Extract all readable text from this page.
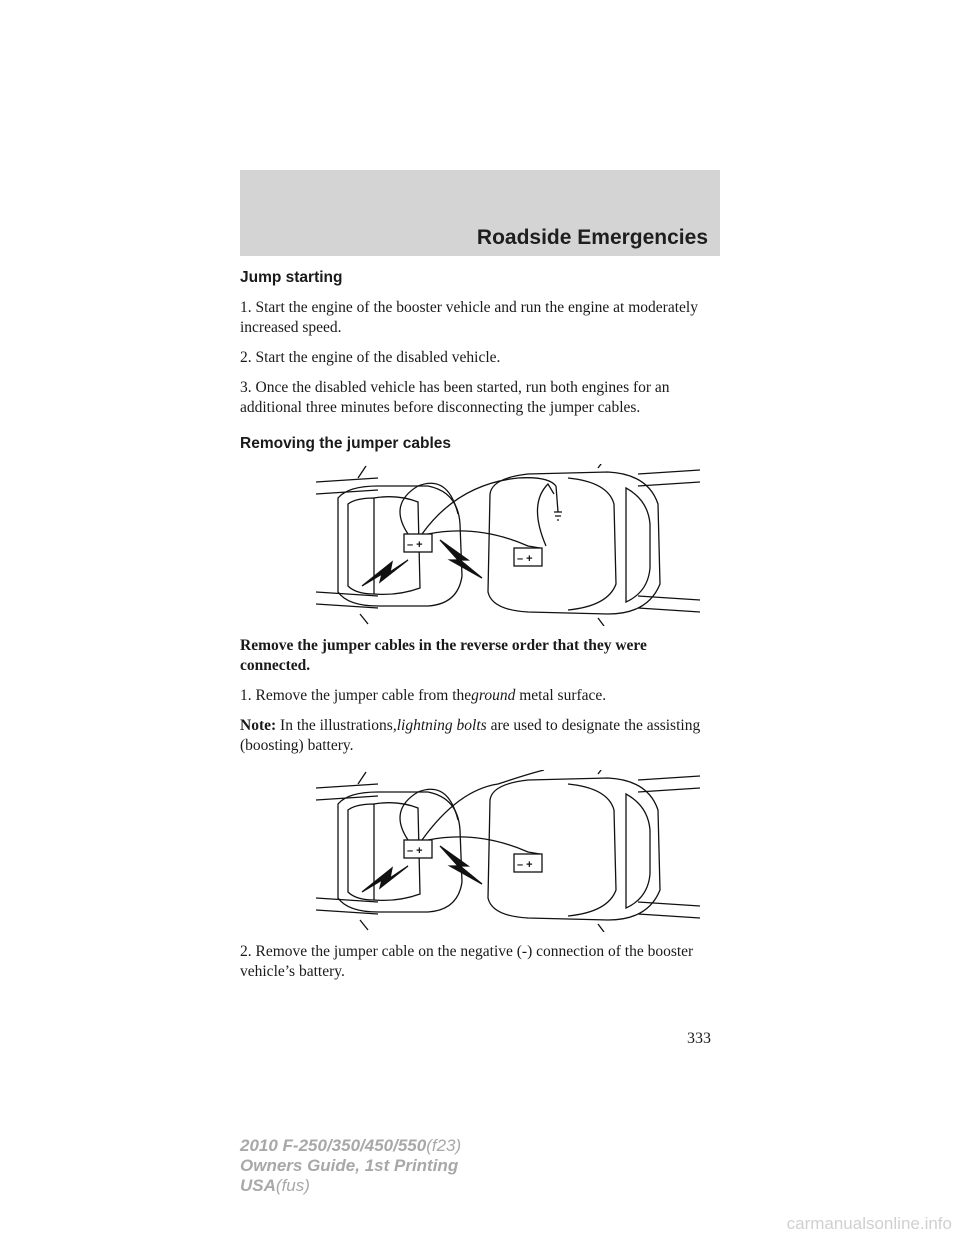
Roadside Emergencies
Jump starting

1. Start the engine of the booster vehicle and run the engine at moderately increased speed.

2. Start the engine of the disabled vehicle.

3. Once the disabled vehicle has been started, run both engines for an additional three minutes before disconnecting the jumper cables.

Removing the jumper cables
– +
– +

Remove the jumper cables in the reverse order that they were connected.

1. Remove the jumper cable from theground metal surface.

Note: In the illustrations,lightning bolts are used to designate the assisting (boosting) battery.

– +
– +

2. Remove the jumper cable on the negative (-) connection of the booster vehicle’s battery.

333
2010 F-250/350/450/550(f23)
Owners Guide, 1st Printing
USA(fus)
carmanualsonline.info
